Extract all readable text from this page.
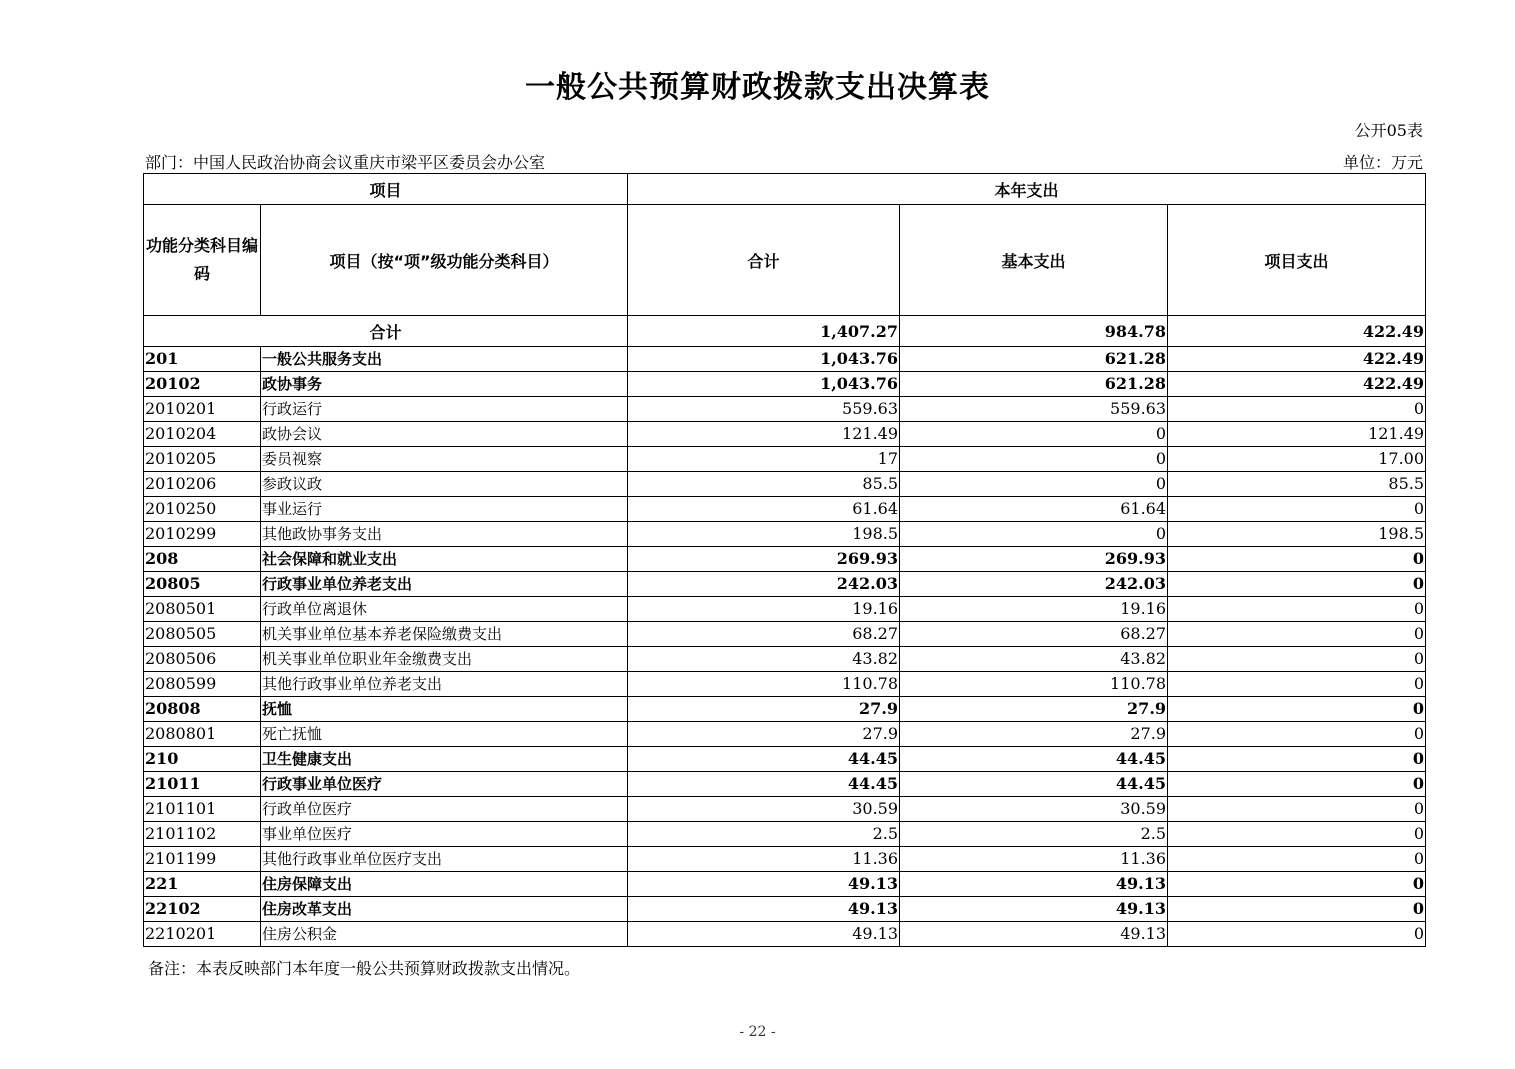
一般公共预算财政拨款支出决算表
公开05表
部门：中国人民政治协商会议重庆市梁平区委员会办公室	单位：万元
项目		本年支出		
功能分类科目编码	项目（按“项”级功能分类科目）	合计	基本支出	项目支出
合计		1,407.27	984.78	422.49
201	一般公共服务支出	1,043.76	621.28	422.49
20102	政协事务	1,043.76	621.28	422.49
2010201	行政运行	559.63	559.63	0
2010204	政协会议	121.49	0	121.49
2010205	委员视察	17	0	17.00
2010206	参政议政	85.5	0	85.5
2010250	事业运行	61.64	61.64	0
2010299	其他政协事务支出	198.5	0	198.5
208	社会保障和就业支出	269.93	269.93	0
20805	行政事业单位养老支出	242.03	242.03	0
2080501	行政单位离退休	19.16	19.16	0
2080505	机关事业单位基本养老保险缴费支出	68.27	68.27	0
2080506	机关事业单位职业年金缴费支出	43.82	43.82	0
2080599	其他行政事业单位养老支出	110.78	110.78	0
20808	抚恤	27.9	27.9	0
2080801	死亡抚恤	27.9	27.9	0
210	卫生健康支出	44.45	44.45	0
21011	行政事业单位医疗	44.45	44.45	0
2101101	行政单位医疗	30.59	30.59	0
2101102	事业单位医疗	2.5	2.5	0
2101199	其他行政事业单位医疗支出	11.36	11.36	0
221	住房保障支出	49.13	49.13	0
22102	住房改革支出	49.13	49.13	0
2210201	住房公积金	49.13	49.13	0
备注：本表反映部门本年度一般公共预算财政拨款支出情况。
- 22 -
